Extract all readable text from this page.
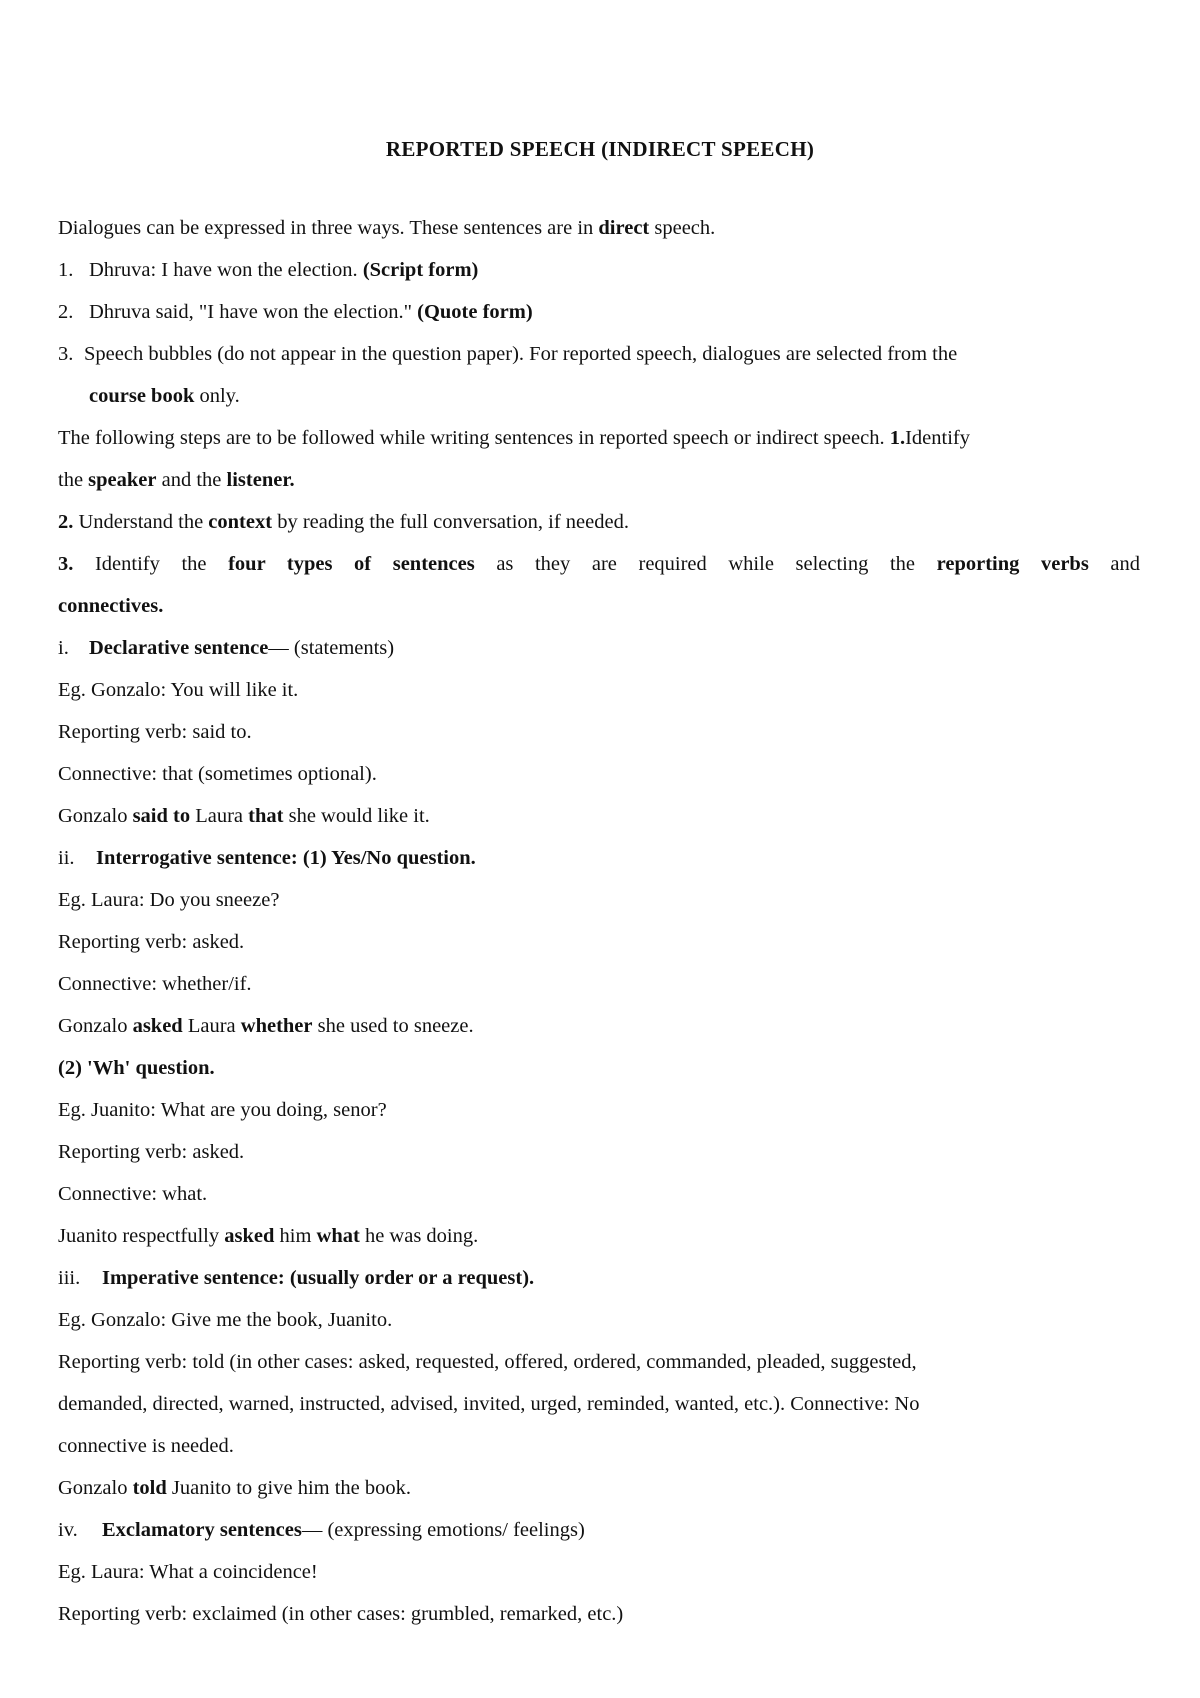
REPORTED SPEECH (INDIRECT SPEECH)
Dialogues can be expressed in three ways. These sentences are in direct speech.
1. Dhruva: I have won the election. (Script form)
2. Dhruva said, "I have won the election." (Quote form)
3. Speech bubbles (do not appear in the question paper). For reported speech, dialogues are selected from the
course book only.
The following steps are to be followed while writing sentences in reported speech or indirect speech. 1.Identify
the speaker and the listener.
2. Understand the context by reading the full conversation, if needed.
3. Identify the four types of sentences as they are required while selecting the reporting verbs and
connectives.
i. Declarative sentence— (statements)
Eg. Gonzalo: You will like it.
Reporting verb: said to.
Connective: that (sometimes optional).
Gonzalo said to Laura that she would like it.
ii. Interrogative sentence: (1) Yes/No question.
Eg. Laura: Do you sneeze?
Reporting verb: asked.
Connective: whether/if.
Gonzalo asked Laura whether she used to sneeze.
(2) 'Wh' question.
Eg. Juanito: What are you doing, senor?
Reporting verb: asked.
Connective: what.
Juanito respectfully asked him what he was doing.
iii. Imperative sentence: (usually order or a request).
Eg. Gonzalo: Give me the book, Juanito.
Reporting verb: told (in other cases: asked, requested, offered, ordered, commanded, pleaded, suggested,
demanded, directed, warned, instructed, advised, invited, urged, reminded, wanted, etc.). Connective: No
connective is needed.
Gonzalo told Juanito to give him the book.
iv. Exclamatory sentences— (expressing emotions/ feelings)
Eg. Laura: What a coincidence!
Reporting verb: exclaimed (in other cases: grumbled, remarked, etc.)
